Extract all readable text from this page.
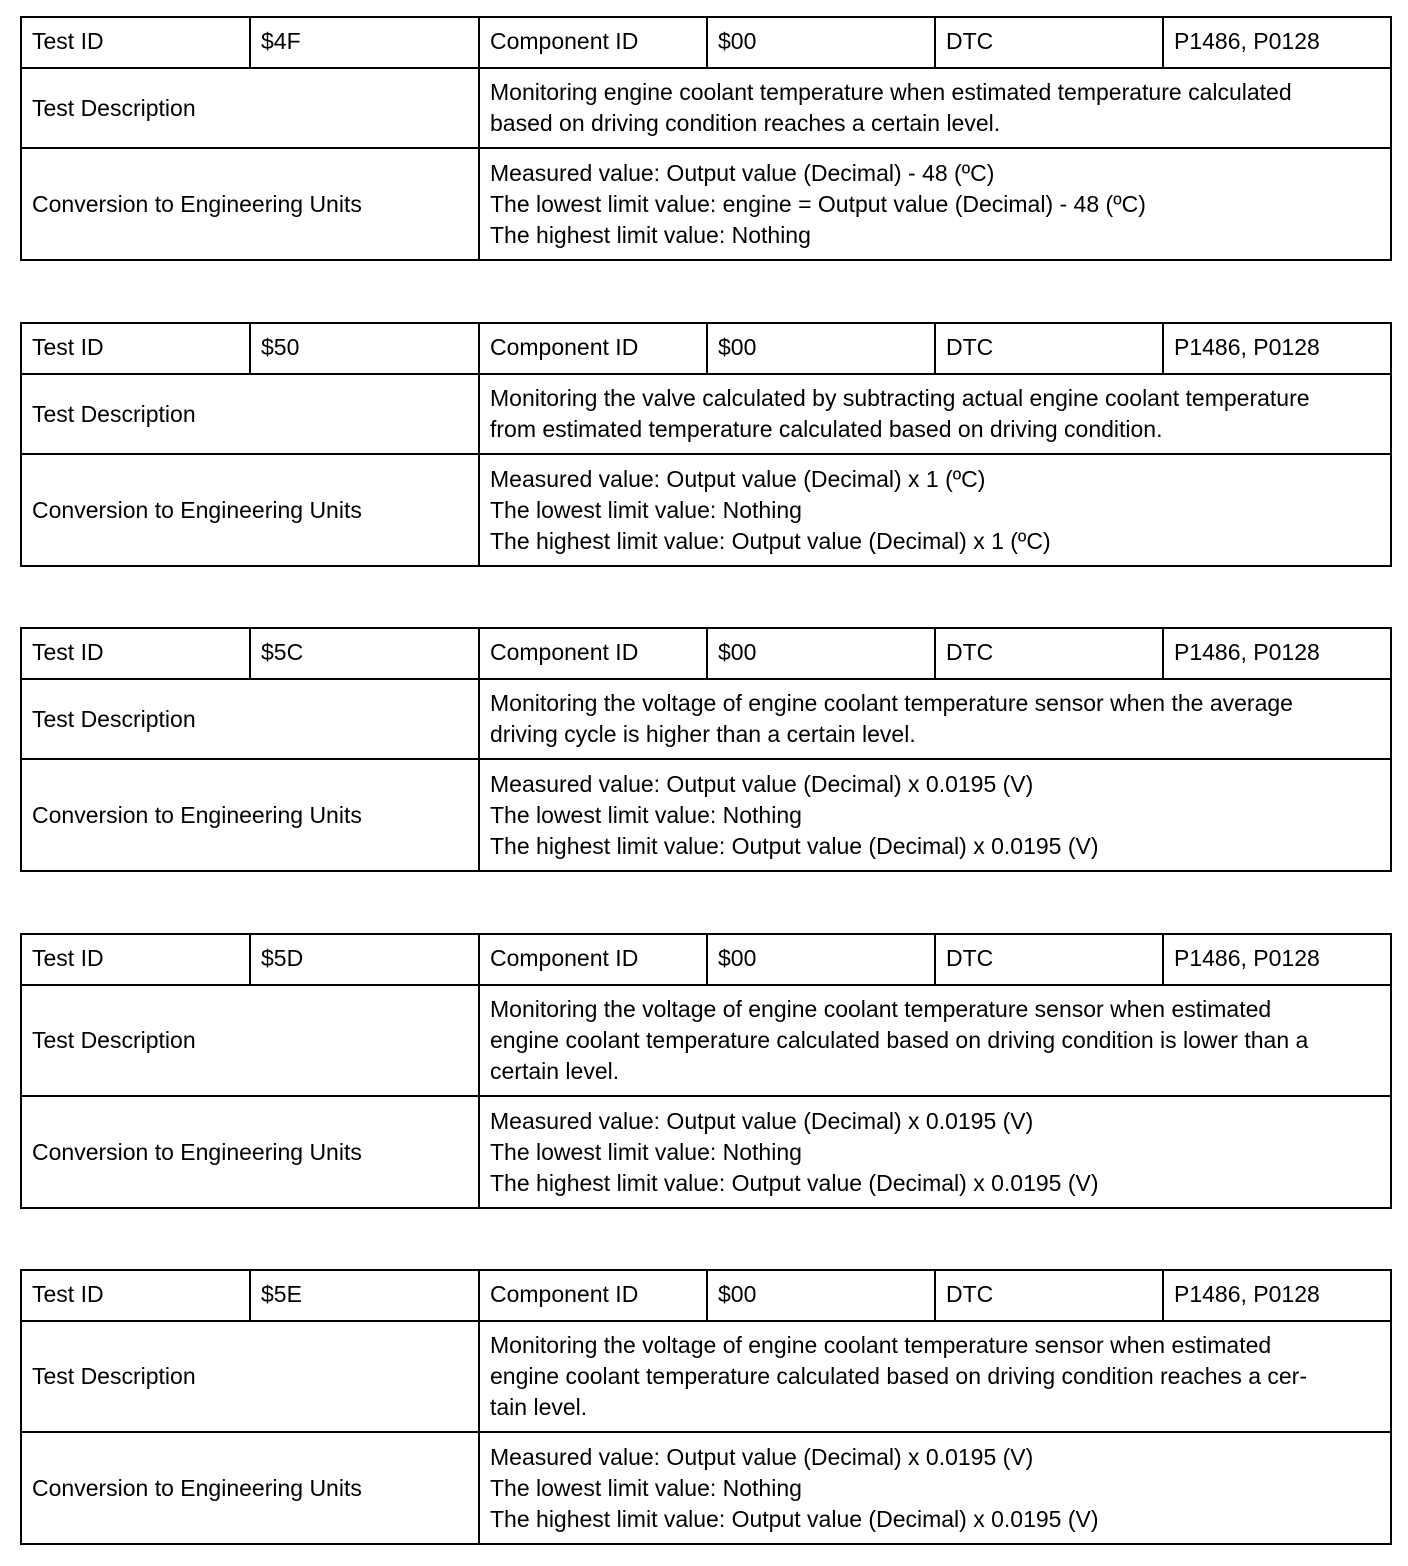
Test ID	$4F	Component ID	$00	DTC	P1486, P0128
Test Description		Monitoring engine coolant temperature when estimated temperature calculated
based on driving condition reaches a certain level.			

Conversion to Engineering Units		Measured value: Output value (Decimal) - 48 (ºC)
The lowest limit value: engine = Output value (Decimal) - 48 (ºC)
The highest limit value: Nothing			
Test ID	$50	Component ID	$00	DTC	P1486, P0128
Test Description		Monitoring the valve calculated by subtracting actual engine coolant temperature
from estimated temperature calculated based on driving condition.			

Conversion to Engineering Units		Measured value: Output value (Decimal) x 1 (ºC)
The lowest limit value: Nothing
The highest limit value: Output value (Decimal) x 1 (ºC)			
Test ID	$5C	Component ID	$00	DTC	P1486, P0128
Test Description		Monitoring the voltage of engine coolant temperature sensor when the average
driving cycle is higher than a certain level.			

Conversion to Engineering Units		Measured value: Output value (Decimal) x 0.0195 (V)
The lowest limit value: Nothing
The highest limit value: Output value (Decimal) x 0.0195 (V)			
Test ID	$5D	Component ID	$00	DTC	P1486, P0128
Test Description		Monitoring the voltage of engine coolant temperature sensor when estimated
engine coolant temperature calculated based on driving condition is lower than a
certain level.			

Conversion to Engineering Units		Measured value: Output value (Decimal) x 0.0195 (V)
The lowest limit value: Nothing
The highest limit value: Output value (Decimal) x 0.0195 (V)			
Test ID	$5E	Component ID	$00	DTC	P1486, P0128
Test Description		Monitoring the voltage of engine coolant temperature sensor when estimated
engine coolant temperature calculated based on driving condition reaches a cer-
tain level.			

Conversion to Engineering Units		Measured value: Output value (Decimal) x 0.0195 (V)
The lowest limit value: Nothing
The highest limit value: Output value (Decimal) x 0.0195 (V)			
